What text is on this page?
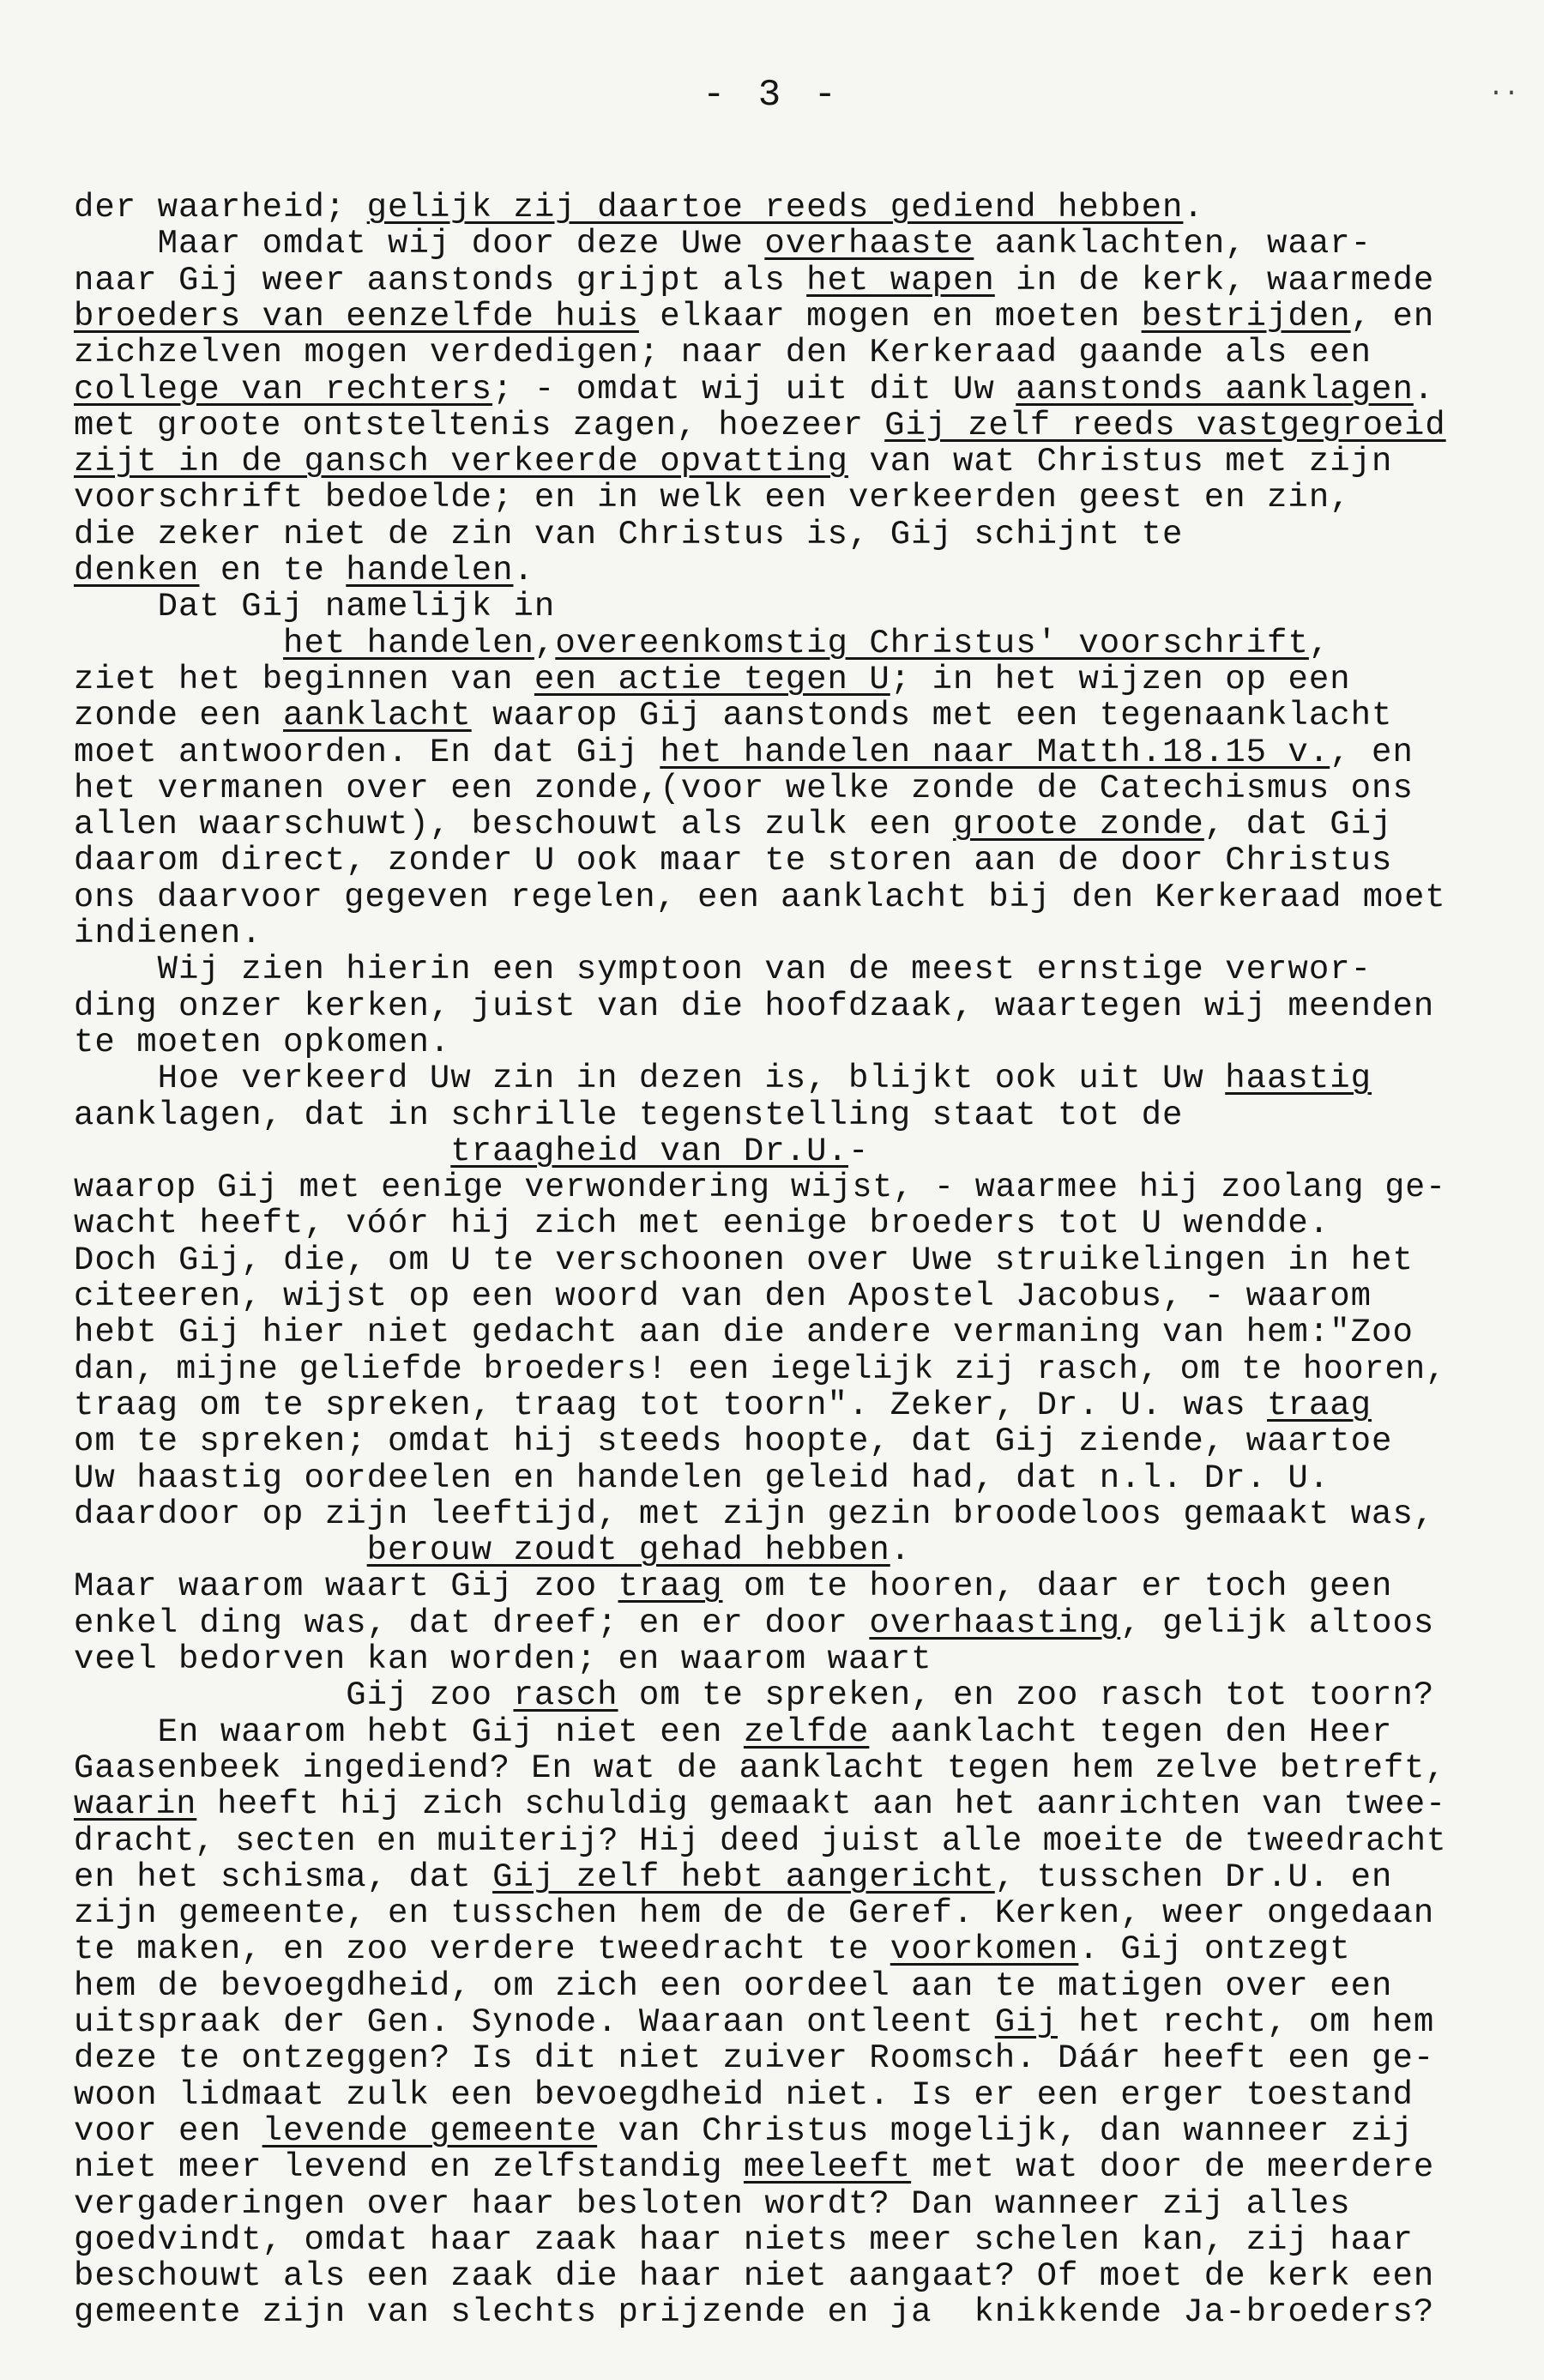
- 3 -	..
der waarheid; gelijk zij daartoe reeds gediend hebben.
Maar omdat wij door deze Uwe overhaaste aanklachten, waar-
naar Gij weer aanstonds grijpt als het wapen in de kerk, waarmede
broeders van eenzelfde huis elkaar mogen en moeten bestrijden, en
zichzelven mogen verdedigen; naar den Kerkeraad gaande als een
college van rechters; - omdat wij uit dit Uw aanstonds aanklagen.
met groote ontsteltenis zagen, hoezeer Gij zelf reeds vastgegroeid
zijt in de gansch verkeerde opvatting van wat Christus met zijn
voorschrift bedoelde; en in welk een verkeerden geest en zin,
die zeker niet de zin van Christus is, Gij schijnt te
denken en te handelen.
Dat Gij namelijk in
het handelen,overeenkomstig Christus' voorschrift,
ziet het beginnen van een actie tegen U; in het wijzen op een
zonde een aanklacht waarop Gij aanstonds met een tegenaanklacht
moet antwoorden. En dat Gij het handelen naar Matth.18.15 v., en
het vermanen over een zonde,(voor welke zonde de Catechismus ons
allen waarschuwt), beschouwt als zulk een groote zonde, dat Gij
daarom direct, zonder U ook maar te storen aan de door Christus
ons daarvoor gegeven regelen, een aanklacht bij den Kerkeraad moet
indienen.
Wij zien hierin een symptoon van de meest ernstige verwor-
ding onzer kerken, juist van die hoofdzaak, waartegen wij meenden
te moeten opkomen.
Hoe verkeerd Uw zin in dezen is, blijkt ook uit Uw haastig
aanklagen, dat in schrille tegenstelling staat tot de
traagheid van Dr.U.-
waarop Gij met eenige verwondering wijst, - waarmee hij zoolang ge-
wacht heeft, vóór hij zich met eenige broeders tot U wendde.
Doch Gij, die, om U te verschoonen over Uwe struikelingen in het
citeeren, wijst op een woord van den Apostel Jacobus, - waarom
hebt Gij hier niet gedacht aan die andere vermaning van hem:"Zoo
dan, mijne geliefde broeders! een iegelijk zij rasch, om te hooren,
traag om te spreken, traag tot toorn". Zeker, Dr. U. was traag
om te spreken; omdat hij steeds hoopte, dat Gij ziende, waartoe
Uw haastig oordeelen en handelen geleid had, dat n.l. Dr. U.
daardoor op zijn leeftijd, met zijn gezin broodeloos gemaakt was,
berouw zoudt gehad hebben.
Maar waarom waart Gij zoo traag om te hooren, daar er toch geen
enkel ding was, dat dreef; en er door overhaasting, gelijk altoos
veel bedorven kan worden; en waarom waart
Gij zoo rasch om te spreken, en zoo rasch tot toorn?
En waarom hebt Gij niet een zelfde aanklacht tegen den Heer
Gaasenbeek ingediend? En wat de aanklacht tegen hem zelve betreft,
waarin heeft hij zich schuldig gemaakt aan het aanrichten van twee-
dracht, secten en muiterij? Hij deed juist alle moeite de tweedracht
en het schisma, dat Gij zelf hebt aangericht, tusschen Dr.U. en
zijn gemeente, en tusschen hem de de Geref. Kerken, weer ongedaan
te maken, en zoo verdere tweedracht te voorkomen. Gij ontzegt
hem de bevoegdheid, om zich een oordeel aan te matigen over een
uitspraak der Gen. Synode. Waaraan ontleent Gij het recht, om hem
deze te ontzeggen? Is dit niet zuiver Roomsch. Dáár heeft een ge-
woon lidmaat zulk een bevoegdheid niet. Is er een erger toestand
voor een levende gemeente van Christus mogelijk, dan wanneer zij
niet meer levend en zelfstandig meeleeft met wat door de meerdere
vergaderingen over haar besloten wordt? Dan wanneer zij alles
goedvindt, omdat haar zaak haar niets meer schelen kan, zij haar
beschouwt als een zaak die haar niet aangaat? Of moet de kerk een
gemeente zijn van slechts prijzende en ja  knikkende Ja-broeders?
